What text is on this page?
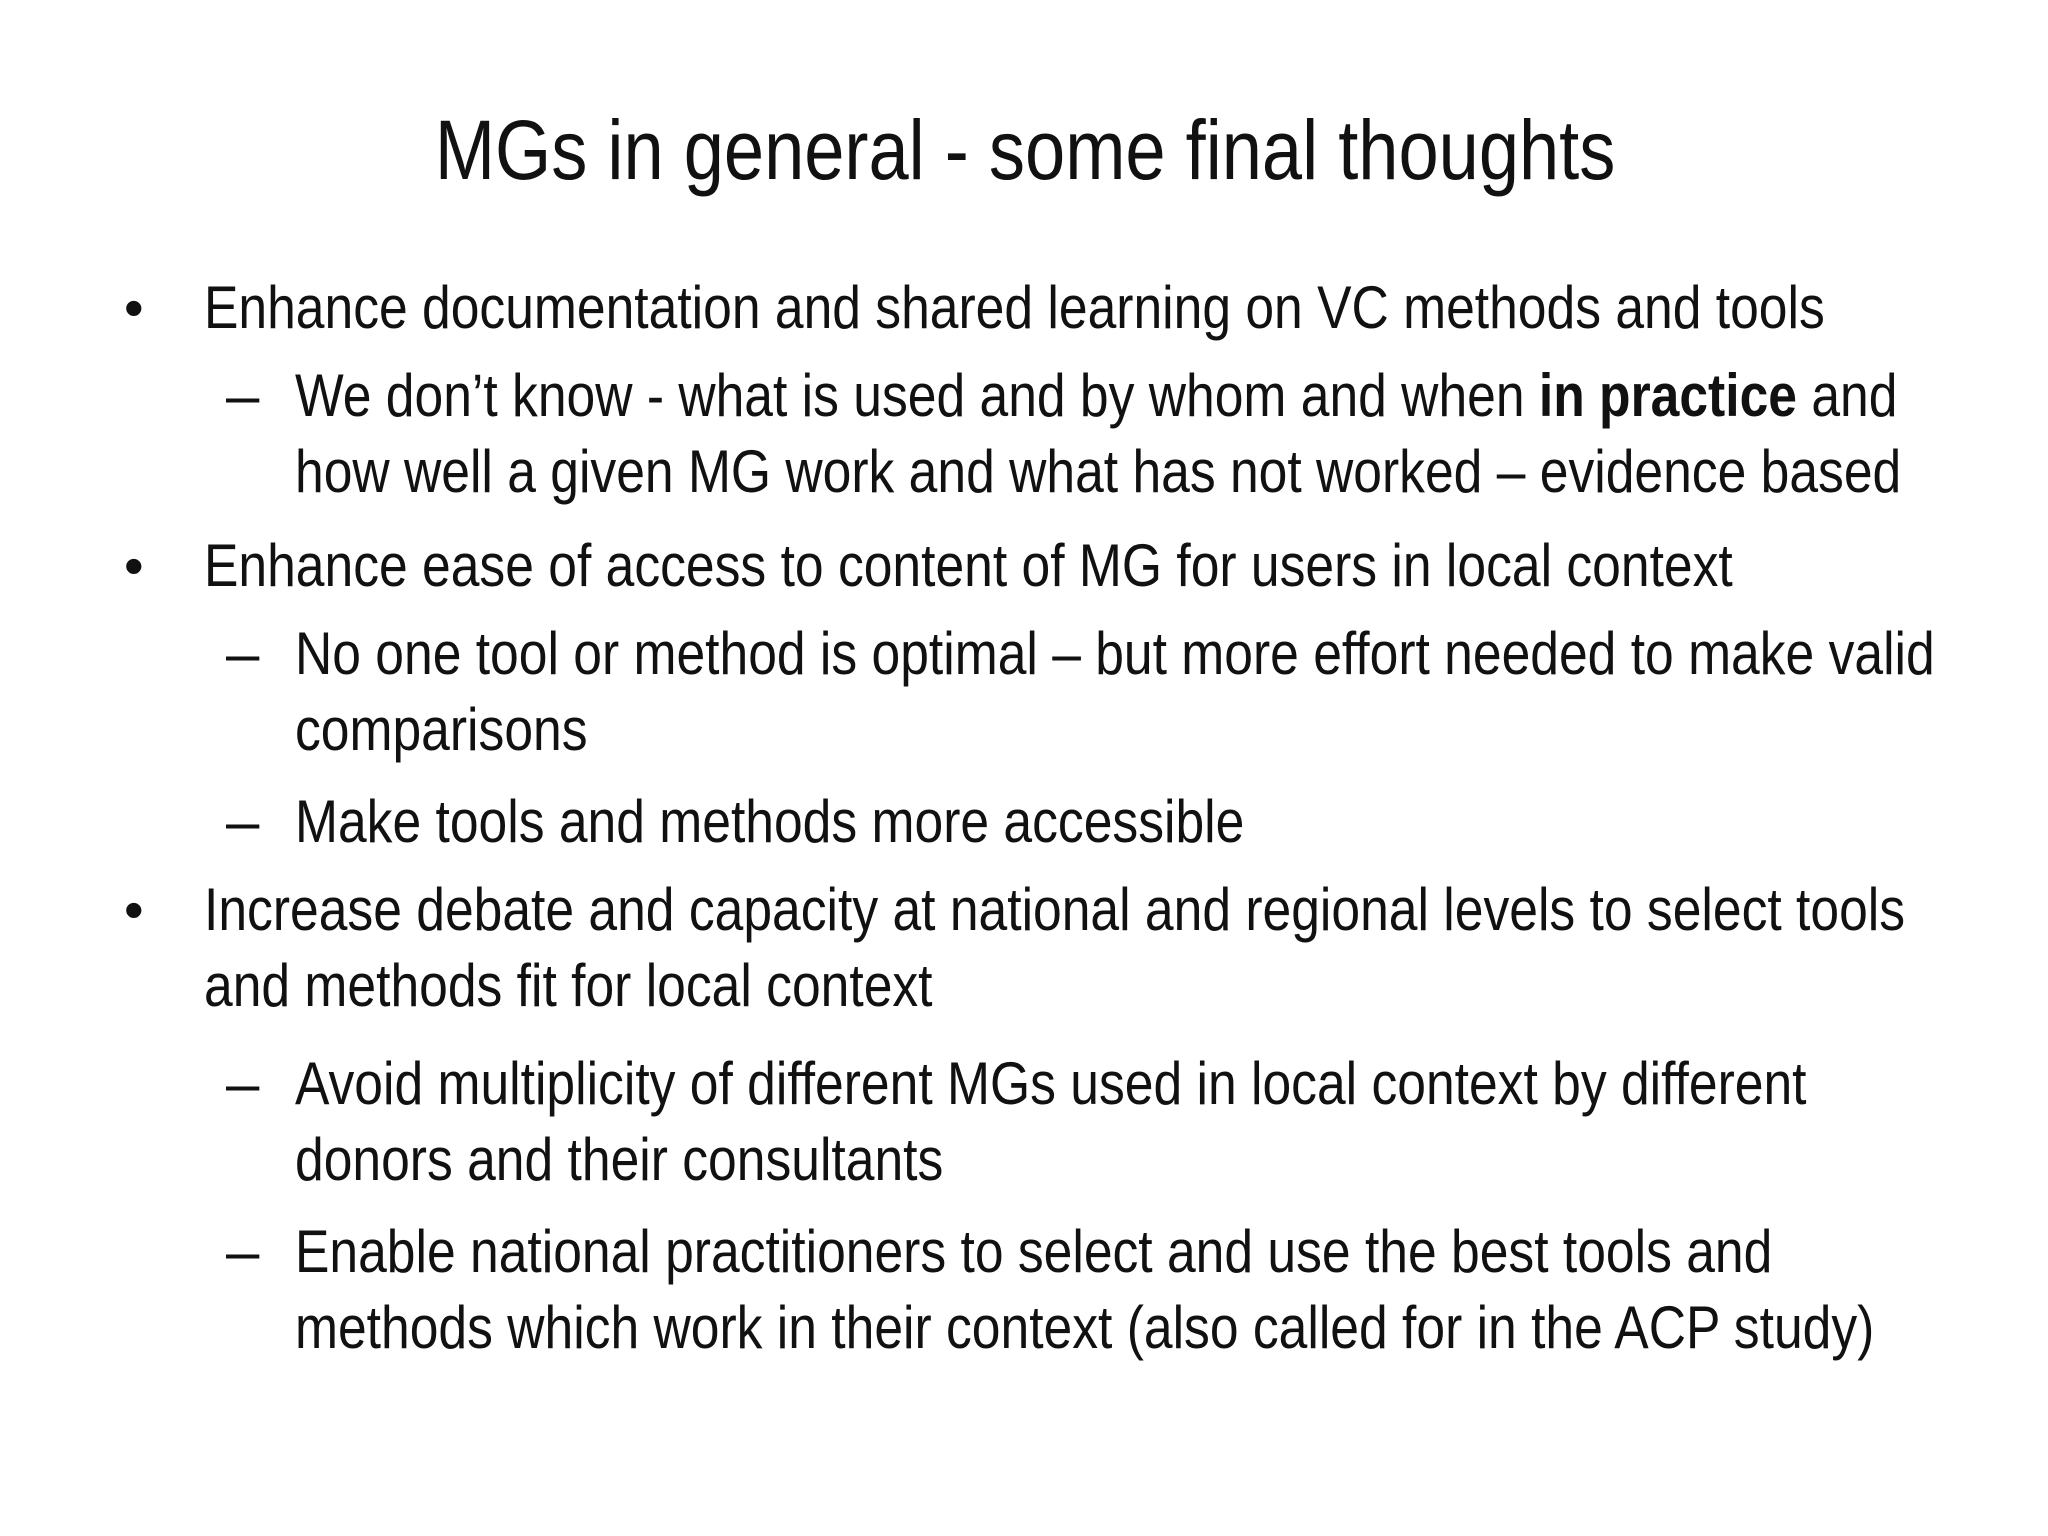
MGs in general - some final thoughts
• Enhance documentation and shared learning on VC methods and tools
– We don’t know - what is used and by whom and when in practice and
how well a given MG work and what has not worked – evidence based
• Enhance ease of access to content of MG for users in local context
– No one tool or method is optimal – but more effort needed to make valid
comparisons
– Make tools and methods more accessible
• Increase debate and capacity at national and regional levels to select tools
and methods fit for local context
– Avoid multiplicity of different MGs used in local context by different
donors and their consultants
– Enable national practitioners to select and use the best tools and
methods which work in their context (also called for in the ACP study)
